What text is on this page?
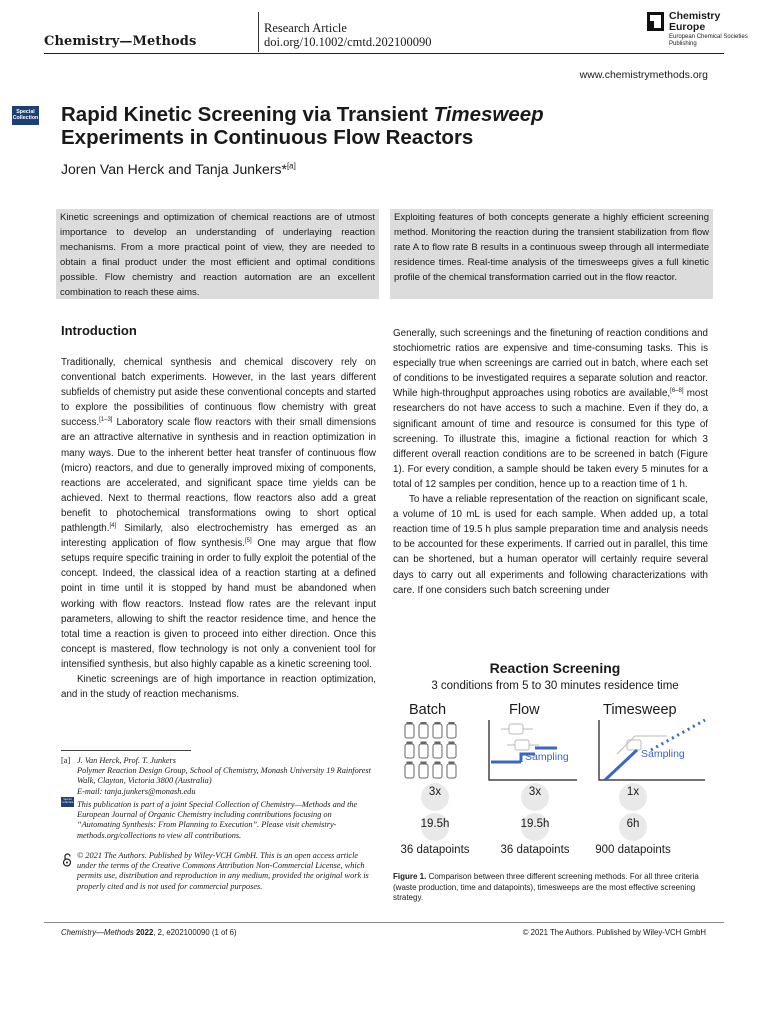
Chemistry—Methods
Research Article
doi.org/10.1002/cmtd.202100090
Chemistry Europe
European Chemical Societies Publishing
www.chemistrymethods.org
Special Collection Rapid Kinetic Screening via Transient Timesweep
Experiments in Continuous Flow Reactors
Joren Van Herck and Tanja Junkers*[a]
Kinetic screenings and optimization of chemical reactions are of utmost importance to develop an understanding of underlaying reaction mechanisms. From a more practical point of view, they are needed to obtain a final product under the most efficient and optimal conditions possible. Flow chemistry and reaction automation are an excellent combination to reach these aims.
Exploiting features of both concepts generate a highly efficient screening method. Monitoring the reaction during the transient stabilization from flow rate A to flow rate B results in a continuous sweep through all intermediate residence times. Real-time analysis of the timesweeps gives a full kinetic profile of the chemical transformation carried out in the flow reactor.
Introduction

Traditionally, chemical synthesis and chemical discovery rely on conventional batch experiments. However, in the last years different subfields of chemistry put aside these conventional concepts and started to explore the possibilities of continuous flow chemistry with great success.[1–3] Laboratory scale flow reactors with their small dimensions are an attractive alternative in synthesis and in reaction optimization in many ways. Due to the inherent better heat transfer of continuous flow (micro) reactors, and due to generally improved mixing of components, reactions are accelerated, and significant space time yields can be achieved. Next to thermal reactions, flow reactors also add a great benefit to photochemical transformations owing to short optical pathlength.[4] Similarly, also electrochemistry has emerged as an interesting application of flow synthesis.[5] One may argue that flow setups require specific training in order to fully exploit the potential of the concept. Indeed, the classical idea of a reaction starting at a defined point in time until it is stopped by hand must be abandoned when working with flow reactors. Instead flow rates are the relevant input parameters, allowing to shift the reactor residence time, and hence the total time a reaction is given to proceed into either direction. Once this concept is mastered, flow technology is not only a convenient tool for intensified synthesis, but also highly capable as a kinetic screening tool.

Kinetic screenings are of high importance in reaction optimization, and in the study of reaction mechanisms.

Generally, such screenings and the finetuning of reaction conditions and stochiometric ratios are expensive and time-consuming tasks. This is especially true when screenings are carried out in batch, where each set of conditions to be investigated requires a separate solution and reactor. While high-throughput approaches using robotics are available,[6–8] most researchers do not have access to such a machine. Even if they do, a significant amount of time and resource is consumed for this type of screening. To illustrate this, imagine a fictional reaction for which 3 different overall reaction conditions are to be screened in batch (Figure 1). For every condition, a sample should be taken every 5 minutes for a total of 12 samples per condition, hence up to a reaction time of 1 h.

To have a reliable representation of the reaction on significant scale, a volume of 10 mL is used for each sample. When added up, a total reaction time of 19.5 h plus sample preparation time and analysis needs to be accounted for these experiments. If carried out in parallel, this time can be shortened, but a human operator will certainly require several days to carry out all experiments and following characterizations with care. If one considers such batch screening under

[a] J. Van Herck, Prof. T. Junkers
Polymer Reaction Design Group, School of Chemistry, Monash University 19 Rainforest Walk, Clayton, Victoria 3800 (Australia)
E-mail: tanja.junkers@monash.edu
Special Collection This publication is part of a joint Special Collection of Chemistry—Methods and the European Journal of Organic Chemistry including contributions focusing on “Automating Synthesis: From Planning to Execution”. Please visit chemistry-methods.org/collections to view all contributions.
© 2021 The Authors. Published by Wiley-VCH GmbH. This is an open access article under the terms of the Creative Commons Attribution Non-Commercial License, which permits use, distribution and reproduction in any medium, provided the original work is properly cited and is not used for commercial purposes.
Reaction Screening
3 conditions from 5 to 30 minutes residence time
Batch	Flow	Timesweep
Sampling	Sampling
3x	3x	1x
19.5h	19.5h	6h
36 datapoints	36 datapoints	900 datapoints
Figure 1. Comparison between three different screening methods. For all three criteria (waste production, time and datapoints), timesweeps are the most effective screening strategy.
Chemistry—Methods 2022, 2, e202100090 (1 of 6)	© 2021 The Authors. Published by Wiley-VCH GmbH
